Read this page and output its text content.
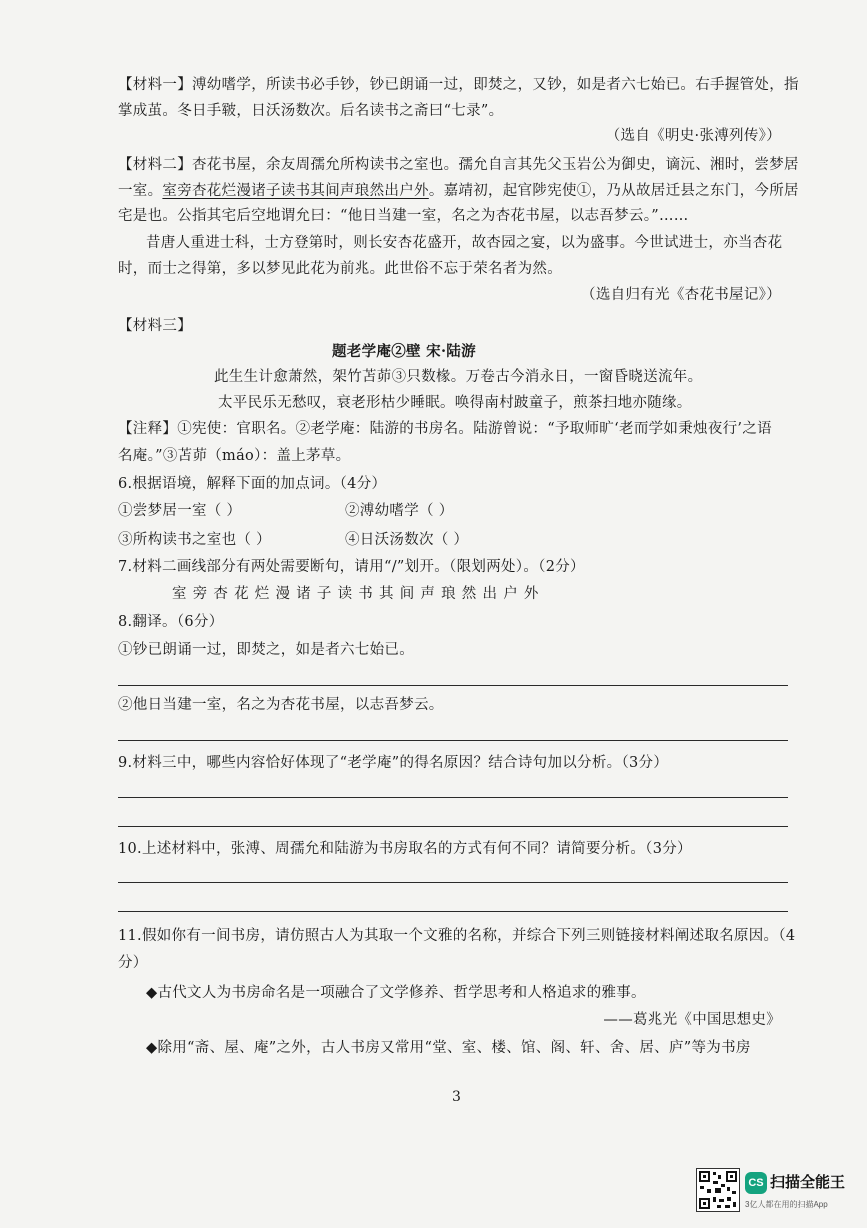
【材料一】溥幼嗜学，所读书必手钞，钞已朗诵一过，即焚之，又钞，如是者六七始已。右手握管处，指
掌成茧。冬日手皲，日沃汤数次。后名读书之斋曰“七录”。
（选自《明史·张溥列传》）
【材料二】杏花书屋，余友周孺允所构读书之室也。孺允自言其先父玉岩公为御史，谪沅、湘时，尝梦居
一室。室旁杏花烂漫诸子读书其间声琅然出户外。嘉靖初，起官陟宪使①，乃从故居迁县之东门，今所居
宅是也。公指其宅后空地谓允曰：“他日当建一室，名之为杏花书屋，以志吾梦云。”……
昔唐人重进士科，士方登第时，则长安杏花盛开，故杏园之宴，以为盛事。今世试进士，亦当杏花
时，而士之得第，多以梦见此花为前兆。此世俗不忘于荣名者为然。
（选自归有光《杏花书屋记》）
【材料三】
题老学庵②壁 宋·陆游
此生生计愈萧然，架竹苫茆③只数椽。万卷古今消永日，一窗昏晓送流年。
太平民乐无愁叹，衰老形枯少睡眠。唤得南村跛童子，煎茶扫地亦随缘。
【注释】①宪使：官职名。②老学庵：陆游的书房名。陆游曾说：“予取师旷‘老而学如秉烛夜行’之语
名庵。”③苫茆（máo）：盖上茅草。
6.根据语境，解释下面的加点词。（4分）
①尝梦居一室（ ）	②溥幼嗜学（ ）
③所构读书之室也（ ）	④日沃汤数次（ ）
7.材料二画线部分有两处需要断句，请用“/”划开。（限划两处）。（2分）
室旁杏花烂漫诸子读书其间声琅然出户外
8.翻译。（6分）
①钞已朗诵一过，即焚之，如是者六七始已。
②他日当建一室，名之为杏花书屋，以志吾梦云。
9.材料三中，哪些内容恰好体现了“老学庵”的得名原因？结合诗句加以分析。（3分）
10.上述材料中，张溥、周孺允和陆游为书房取名的方式有何不同？请简要分析。（3分）
11.假如你有一间书房，请仿照古人为其取一个文雅的名称，并综合下列三则链接材料阐述取名原因。（4
分）
◆古代文人为书房命名是一项融合了文学修养、哲学思考和人格追求的雅事。
——葛兆光《中国思想史》
◆除用“斋、屋、庵”之外，古人书房又常用“堂、室、楼、馆、阁、轩、舍、居、庐”等为书房
3
CS 扫描全能王
3亿人都在用的扫描App
